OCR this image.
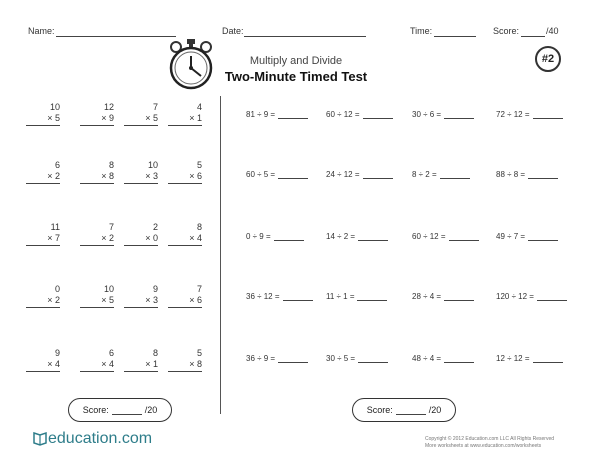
Name:	Date:	Time:	Score:	/40
Multiply and Divide
Two-Minute Timed Test
#2
10
× 5
12
× 9
7
× 5
4
× 1
6
× 2
8
× 8
10
× 3
5
× 6
11
× 7
7
× 2
2
× 0
8
× 4
0
× 2
10
× 5
9
× 3
7
× 6
9
× 4
6
× 4
8
× 1
5
× 8
81 ÷ 9 =	60 ÷ 12 =	30 ÷ 6 =	72 ÷ 12 =
60 ÷ 5 =	24 ÷ 12 =	8 ÷ 2 =	88 ÷ 8 =
0 ÷ 9 =	14 ÷ 2 =	60 ÷ 12 =	49 ÷ 7 =
36 ÷ 12 =	11 ÷ 1 =	28 ÷ 4 =	120 ÷ 12 =
36 ÷ 9 =	30 ÷ 5 =	48 ÷ 4 =	12 ÷ 12 =
Score:	/20	Score:	/20
education.com	Copyright © 2012 Education.com LLC All Rights Reserved
More worksheets at www.education.com/worksheets
